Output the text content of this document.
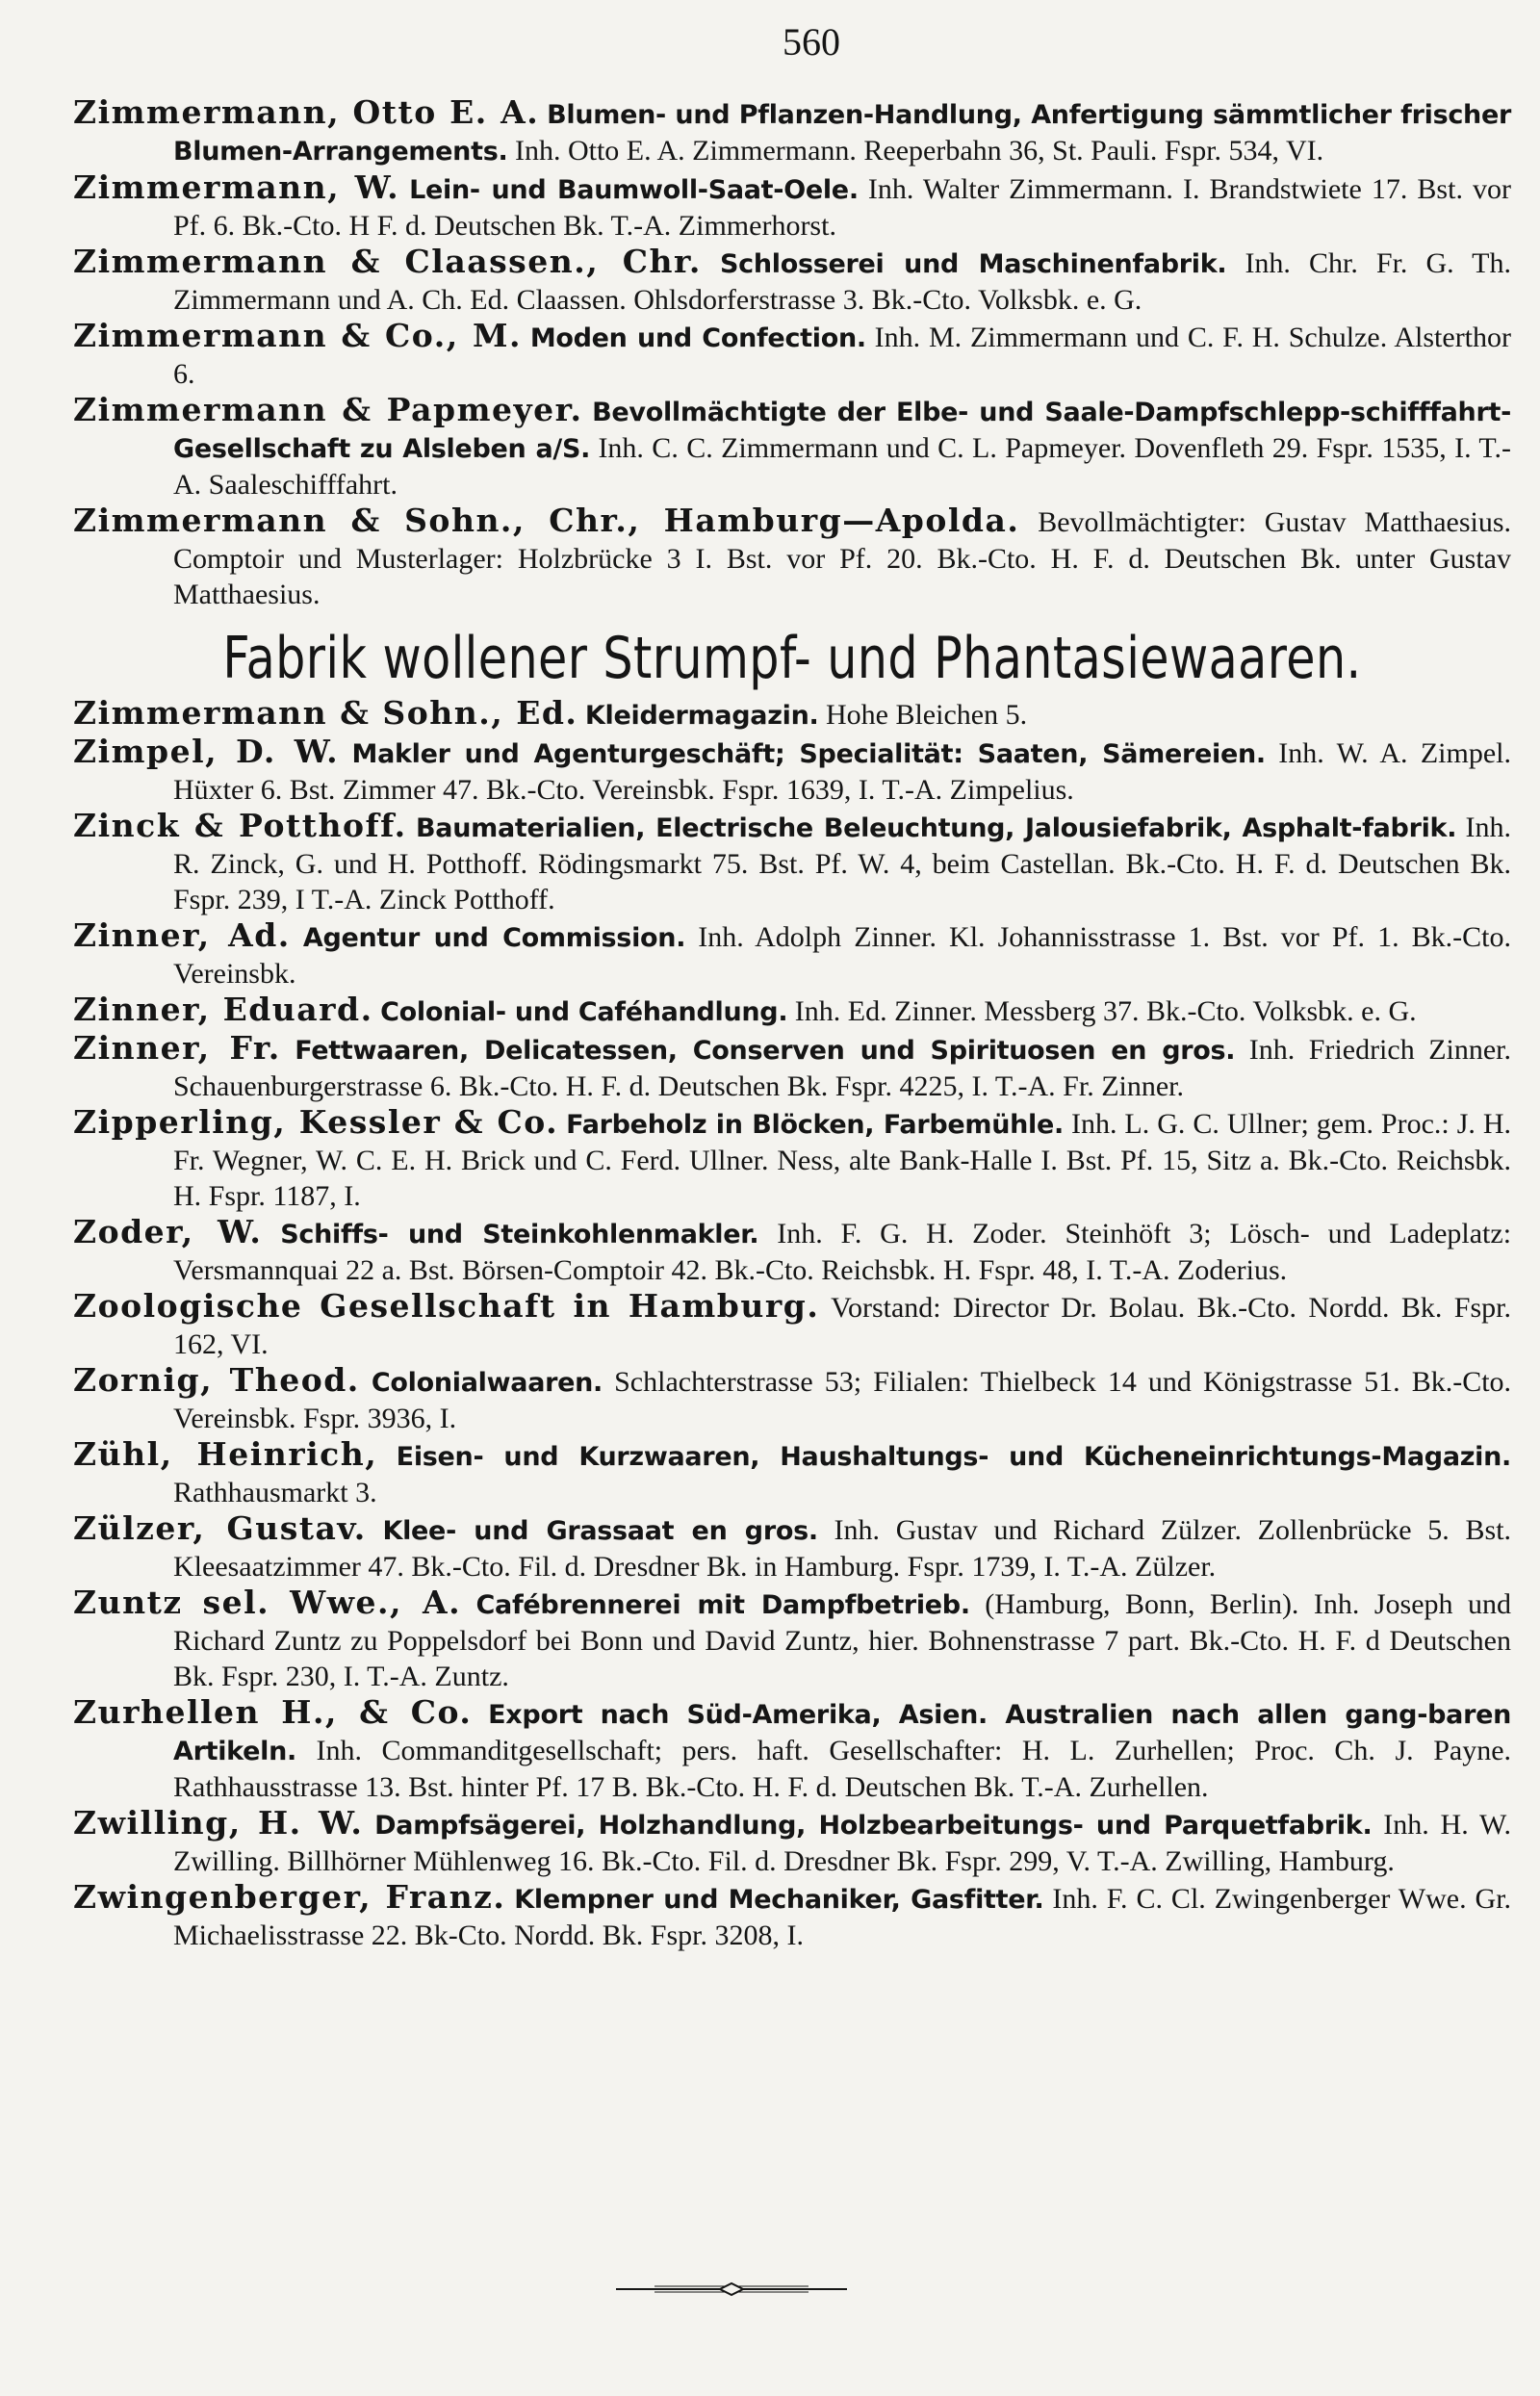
560

Zimmermann, Otto E. A. Blumen- und Pflanzen-Handlung, Anfertigung sämmtlicher frischer Blumen-Arrangements. Inh. Otto E. A. Zimmermann. Reeperbahn 36, St. Pauli. Fspr. 534, VI.

Zimmermann, W. Lein- und Baumwoll-Saat-Oele. Inh. Walter Zimmermann. I. Brandstwiete 17. Bst. vor Pf. 6. Bk.-Cto. H F. d. Deutschen Bk. T.-A. Zimmerhorst.

Zimmermann & Claassen., Chr. Schlosserei und Maschinenfabrik. Inh. Chr. Fr. G. Th. Zimmermann und A. Ch. Ed. Claassen. Ohlsdorferstrasse 3. Bk.-Cto. Volksbk. e. G.

Zimmermann & Co., M. Moden und Confection. Inh. M. Zimmermann und C. F. H. Schulze. Alsterthor 6.

Zimmermann & Papmeyer. Bevollmächtigte der Elbe- und Saale-Dampfschlepp-schifffahrt-Gesellschaft zu Alsleben a/S. Inh. C. C. Zimmermann und C. L. Papmeyer. Dovenfleth 29. Fspr. 1535, I. T.-A. Saaleschifffahrt.

Zimmermann & Sohn., Chr., Hamburg—Apolda. Bevollmächtigter: Gustav Matthaesius. Comptoir und Musterlager: Holzbrücke 3 I. Bst. vor Pf. 20. Bk.-Cto. H. F. d. Deutschen Bk. unter Gustav Matthaesius.

Fabrik wollener Strumpf- und Phantasiewaaren.

Zimmermann & Sohn., Ed. Kleidermagazin. Hohe Bleichen 5.

Zimpel, D. W. Makler und Agenturgeschäft; Specialität: Saaten, Sämereien. Inh. W. A. Zimpel. Hüxter 6. Bst. Zimmer 47. Bk.-Cto. Vereinsbk. Fspr. 1639, I. T.-A. Zimpelius.

Zinck & Potthoff. Baumaterialien, Electrische Beleuchtung, Jalousiefabrik, Asphalt-fabrik. Inh. R. Zinck, G. und H. Potthoff. Rödingsmarkt 75. Bst. Pf. W. 4, beim Castellan. Bk.-Cto. H. F. d. Deutschen Bk. Fspr. 239, I T.-A. Zinck Potthoff.

Zinner, Ad. Agentur und Commission. Inh. Adolph Zinner. Kl. Johannisstrasse 1. Bst. vor Pf. 1. Bk.-Cto. Vereinsbk.

Zinner, Eduard. Colonial- und Caféhandlung. Inh. Ed. Zinner. Messberg 37. Bk.-Cto. Volksbk. e. G.

Zinner, Fr. Fettwaaren, Delicatessen, Conserven und Spirituosen en gros. Inh. Friedrich Zinner. Schauenburgerstrasse 6. Bk.-Cto. H. F. d. Deutschen Bk. Fspr. 4225, I. T.-A. Fr. Zinner.

Zipperling, Kessler & Co. Farbeholz in Blöcken, Farbemühle. Inh. L. G. C. Ullner; gem. Proc.: J. H. Fr. Wegner, W. C. E. H. Brick und C. Ferd. Ullner. Ness, alte Bank-Halle I. Bst. Pf. 15, Sitz a. Bk.-Cto. Reichsbk. H. Fspr. 1187, I.

Zoder, W. Schiffs- und Steinkohlenmakler. Inh. F. G. H. Zoder. Steinhöft 3; Lösch- und Ladeplatz: Versmannquai 22 a. Bst. Börsen-Comptoir 42. Bk.-Cto. Reichsbk. H. Fspr. 48, I. T.-A. Zoderius.

Zoologische Gesellschaft in Hamburg. Vorstand: Director Dr. Bolau. Bk.-Cto. Nordd. Bk. Fspr. 162, VI.

Zornig, Theod. Colonialwaaren. Schlachterstrasse 53; Filialen: Thielbeck 14 und Königstrasse 51. Bk.-Cto. Vereinsbk. Fspr. 3936, I.

Zühl, Heinrich, Eisen- und Kurzwaaren, Haushaltungs- und Kücheneinrichtungs-Magazin. Rathhausmarkt 3.

Zülzer, Gustav. Klee- und Grassaat en gros. Inh. Gustav und Richard Zülzer. Zollenbrücke 5. Bst. Kleesaatzimmer 47. Bk.-Cto. Fil. d. Dresdner Bk. in Hamburg. Fspr. 1739, I. T.-A. Zülzer.

Zuntz sel. Wwe., A. Cafébrennerei mit Dampfbetrieb. (Hamburg, Bonn, Berlin). Inh. Joseph und Richard Zuntz zu Poppelsdorf bei Bonn und David Zuntz, hier. Bohnenstrasse 7 part. Bk.-Cto. H. F. d Deutschen Bk. Fspr. 230, I. T.-A. Zuntz.

Zurhellen H., & Co. Export nach Süd-Amerika, Asien. Australien nach allen gang-baren Artikeln. Inh. Commanditgesellschaft; pers. haft. Gesellschafter: H. L. Zurhellen; Proc. Ch. J. Payne. Rathhausstrasse 13. Bst. hinter Pf. 17 B. Bk.-Cto. H. F. d. Deutschen Bk. T.-A. Zurhellen.

Zwilling, H. W. Dampfsägerei, Holzhandlung, Holzbearbeitungs- und Parquetfabrik. Inh. H. W. Zwilling. Billhörner Mühlenweg 16. Bk.-Cto. Fil. d. Dresdner Bk. Fspr. 299, V. T.-A. Zwilling, Hamburg.

Zwingenberger, Franz. Klempner und Mechaniker, Gasfitter. Inh. F. C. Cl. Zwingenberger Wwe. Gr. Michaelisstrasse 22. Bk-Cto. Nordd. Bk. Fspr. 3208, I.
